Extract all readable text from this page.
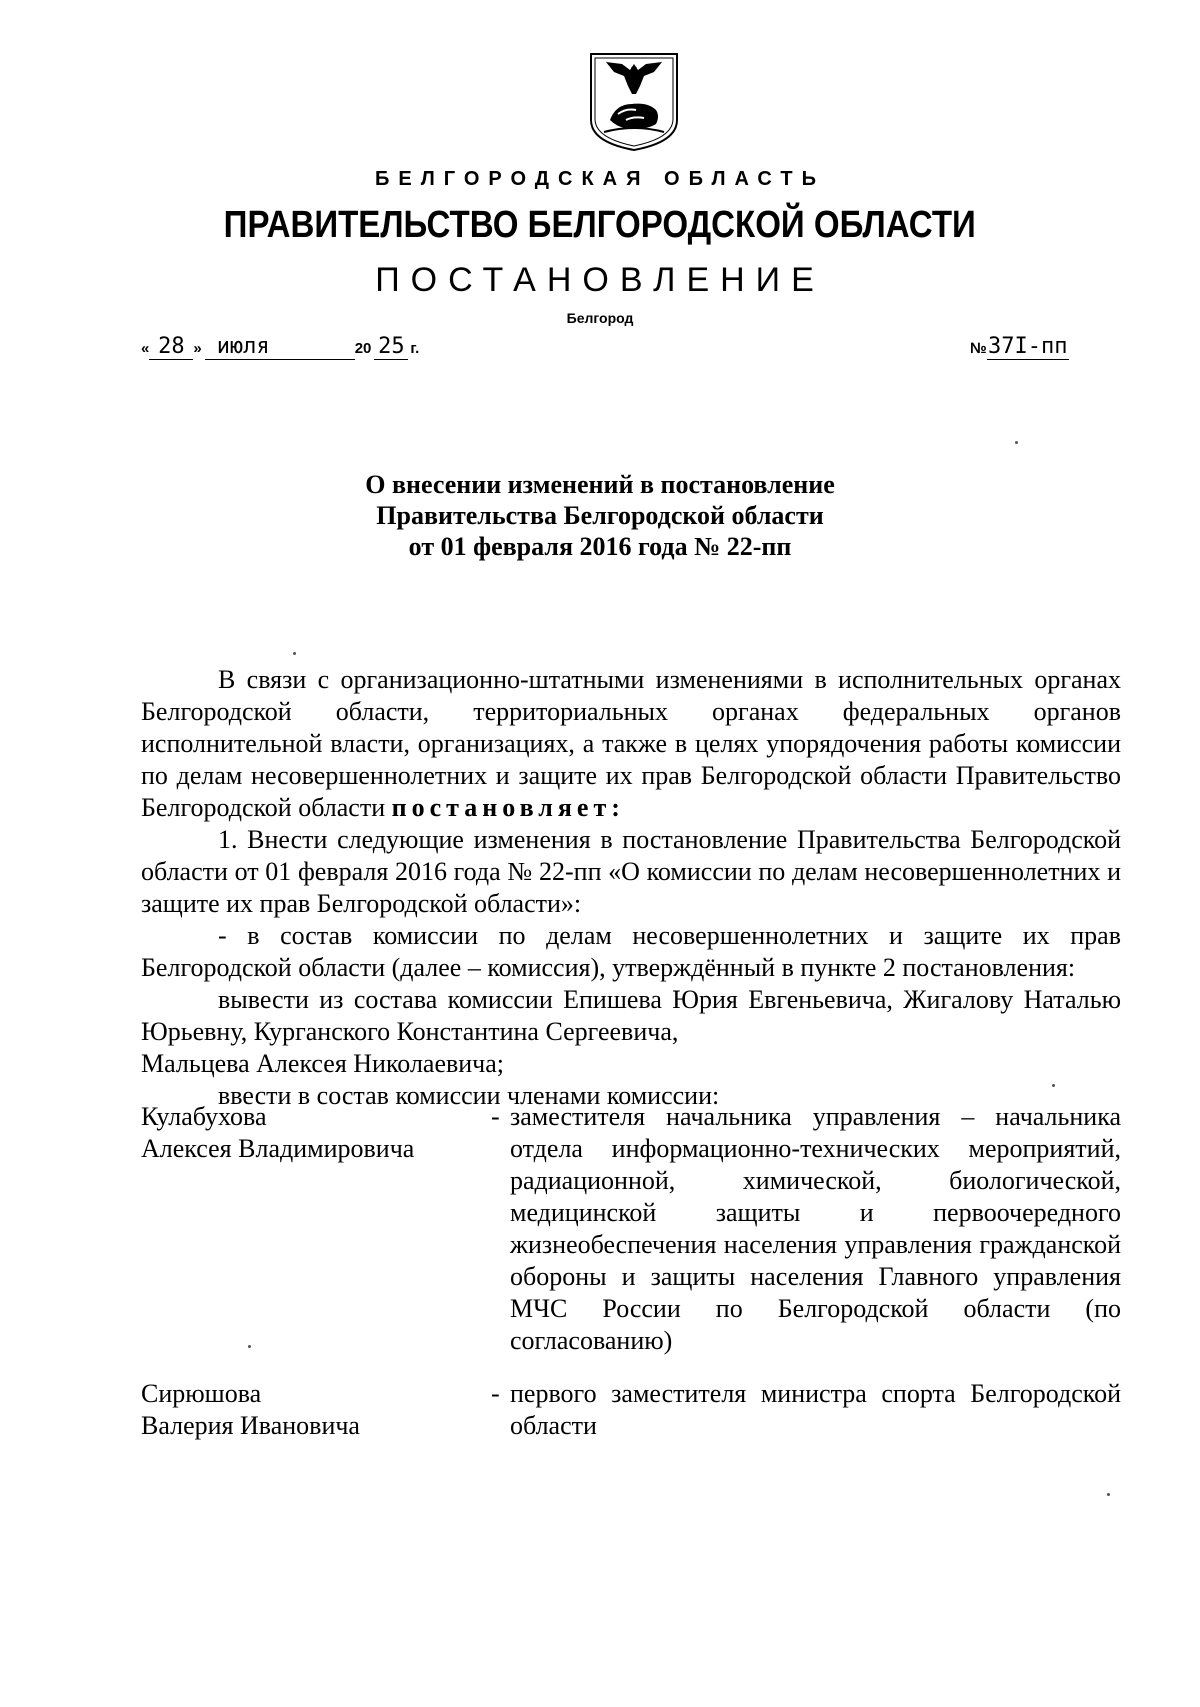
БЕЛГОРОДСКАЯ ОБЛАСТЬ
ПРАВИТЕЛЬСТВО БЕЛГОРОДСКОЙ ОБЛАСТИ
ПОСТАНОВЛЕНИЕ
Белгород
« 28 » июля	20 25 г.	№37I-пп
О внесении изменений в постановление
Правительства Белгородской области
от 01 февраля 2016 года № 22-пп

В связи с организационно-штатными изменениями в исполнительных органах Белгородской области, территориальных органах федеральных органов исполнительной власти, организациях, а также в целях упорядочения работы комиссии по делам несовершеннолетних и защите их прав Белгородской области Правительство Белгородской области постановляет:

1. Внести следующие изменения в постановление Правительства Белгородской области от 01 февраля 2016 года № 22-пп «О комиссии по делам несовершеннолетних и защите их прав Белгородской области»:

- в состав комиссии по делам несовершеннолетних и защите их прав Белгородской области (далее – комиссия), утверждённый в пункте 2 постановления:

вывести из состава комиссии Епишева Юрия Евгеньевича, Жигалову Наталью Юрьевну, Курганского Константина Сергеевича,

Мальцева Алексея Николаевича;

ввести в состав комиссии членами комиссии:

Кулабухова
Алексея Владимировича
- заместителя начальника управления – начальника отдела информационно-технических мероприятий, радиационной, химической, биологической, медицинской защиты и первоочередного жизнеобеспечения населения управления гражданской обороны и защиты населения Главного управления МЧС России по Белгородской области (по согласованию)
Сирюшова
Валерия Ивановича
- первого заместителя министра спорта Белгородской области
